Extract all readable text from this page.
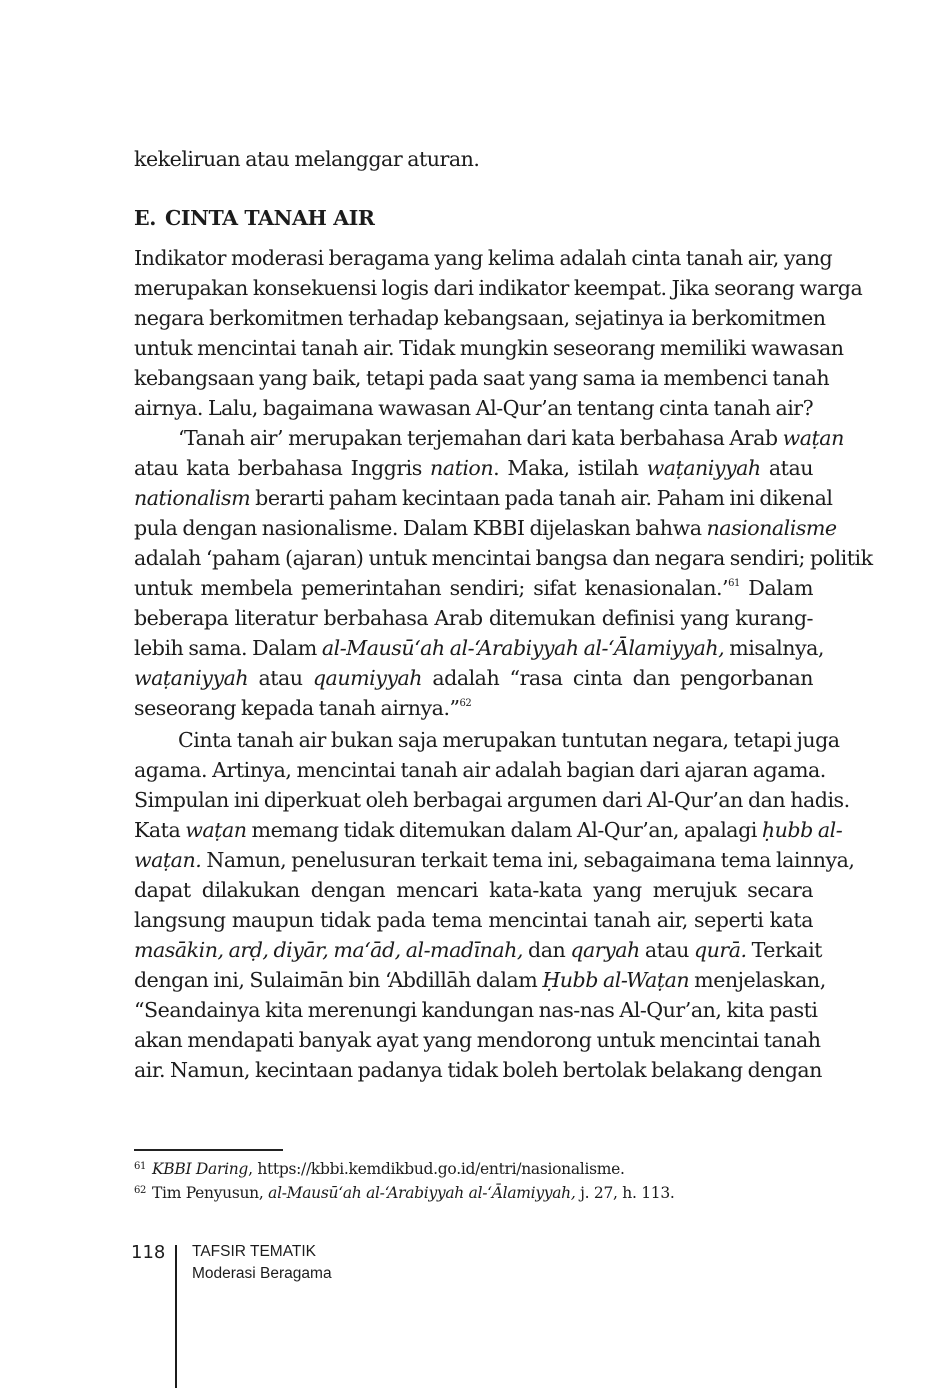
kekeliruan atau melanggar aturan.

E. CINTA TANAH AIR

Indikator moderasi beragama yang kelima adalah cinta tanah air, yang

merupakan konsekuensi logis dari indikator keempat. Jika seorang warga

negara berkomitmen terhadap kebangsaan, sejatinya ia berkomitmen

untuk mencintai tanah air. Tidak mungkin seseorang memiliki wawasan

kebangsaan yang baik, tetapi pada saat yang sama ia membenci tanah

airnya. Lalu, bagaimana wawasan Al-Qur’an tentang cinta tanah air?

‘Tanah air’ merupakan terjemahan dari kata berbahasa Arab waṭan

atau kata berbahasa Inggris nation. Maka, istilah waṭaniyyah atau

nationalism berarti paham kecintaan pada tanah air. Paham ini dikenal

pula dengan nasionalisme. Dalam KBBI dijelaskan bahwa nasionalisme

adalah ‘paham (ajaran) untuk mencintai bangsa dan negara sendiri; politik

untuk membela pemerintahan sendiri; sifat kenasionalan.’$^{61}$ Dalam

beberapa literatur berbahasa Arab ditemukan definisi yang kurang-

lebih sama. Dalam al-Mausū‘ah al-‘Arabiyyah al-‘Ālamiyyah, misalnya,

waṭaniyyah atau qaumiyyah adalah “rasa cinta dan pengorbanan

seseorang kepada tanah airnya.”$^{62}$

Cinta tanah air bukan saja merupakan tuntutan negara, tetapi juga

agama. Artinya, mencintai tanah air adalah bagian dari ajaran agama.

Simpulan ini diperkuat oleh berbagai argumen dari Al-Qur’an dan hadis.

Kata waṭan memang tidak ditemukan dalam Al-Qur’an, apalagi ḥubb al-

waṭan. Namun, penelusuran terkait tema ini, sebagaimana tema lainnya,

dapat dilakukan dengan mencari kata-kata yang merujuk secara

langsung maupun tidak pada tema mencintai tanah air, seperti kata

masākin, arḍ, diyār, ma‘ād, al-madīnah, dan qaryah atau qurā. Terkait

dengan ini, Sulaimān bin ‘Abdillāh dalam Ḥubb al-Waṭan menjelaskan,

“Seandainya kita merenungi kandungan nas-nas Al-Qur’an, kita pasti

akan mendapati banyak ayat yang mendorong untuk mencintai tanah

air. Namun, kecintaan padanya tidak boleh bertolak belakang dengan

61 KBBI Daring, https://kbbi.kemdikbud.go.id/entri/nasionalisme.
62 Tim Penyusun, al-Mausū‘ah al-‘Arabiyyah al-‘Ālamiyyah, j. 27, h. 113.
118 TAFSIR TEMATIK
Moderasi Beragama
